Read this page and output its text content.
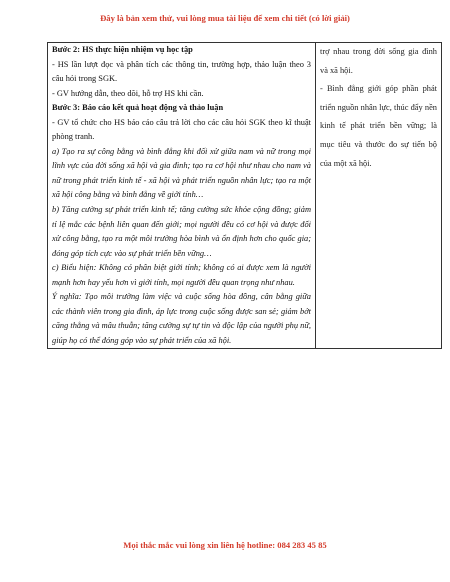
Đây là bản xem thử, vui lòng mua tài liệu để xem chi tiết (có lời giải)

Bước 2: HS thực hiện nhiệm vụ học tập

- HS lần lượt đọc và phân tích các thông tin, trường hợp, thảo luận theo 3 câu hỏi trong SGK.

- GV hướng dẫn, theo dõi, hỗ trợ HS khi cần.

Bước 3: Báo cáo kết quả hoạt động và thảo luận

- GV tổ chức cho HS báo cáo câu trả lời cho các câu hỏi SGK theo kĩ thuật phòng tranh.

a) Tạo ra sự công bằng và bình đẳng khi đối xử giữa nam và nữ trong mọi lĩnh vực của đời sống xã hội và gia đình; tạo ra cơ hội như nhau cho nam và nữ trong phát triển kinh tế - xã hội và phát triển nguồn nhân lực; tạo ra một xã hội công bằng và bình đẳng về giới tính…

b) Tăng cường sự phát triển kinh tế; tăng cường sức khỏe cộng đồng; giảm tỉ lệ mắc các bệnh liên quan đến giới; mọi người đều có cơ hội và được đối xử công bằng, tạo ra một môi trường hòa bình và ổn định hơn cho quốc gia; đóng góp tích cực vào sự phát triển bền vững…

c) Biểu hiện: Không có phân biệt giới tính; không có ai được xem là người mạnh hơn hay yếu hơn vì giới tính, mọi người đều quan trọng như nhau.

Ý nghĩa: Tạo môi trường làm việc và cuộc sống hòa đồng, cân bằng giữa các thành viên trong gia đình, áp lực trong cuộc sống được san sẻ; giảm bớt căng thẳng và mâu thuẫn; tăng cường sự tự tin và độc lập của người phụ nữ, giúp họ có thể đóng góp vào sự phát triển của xã hội.

trợ nhau trong đời sống gia đình và xã hội.

- Bình đẳng giới góp phần phát triển nguồn nhân lực, thúc đẩy nền kinh tế phát triển bền vững; là mục tiêu và thước đo sự tiến bộ của một xã hội.

Mọi thắc mắc vui lòng xin liên hệ hotline: 084 283 45 85
